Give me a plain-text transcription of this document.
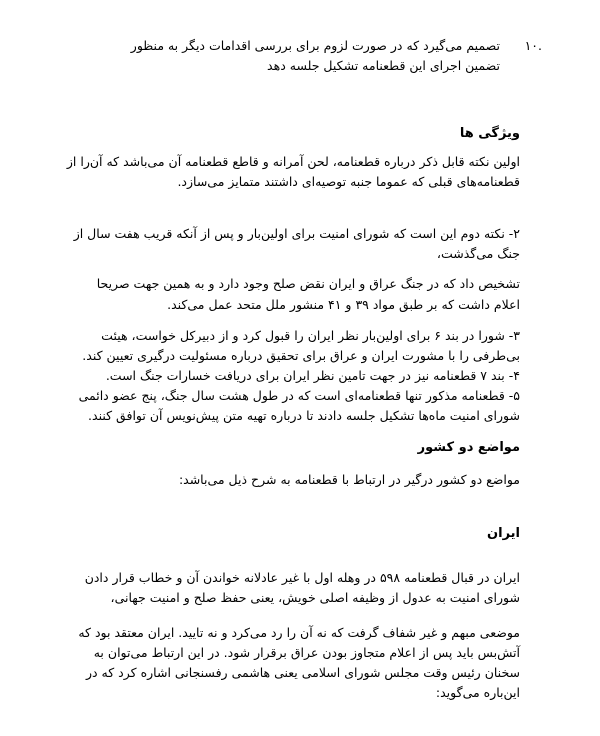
.۱۰
تصمیم می‌گیرد که در صورت لزوم برای بررسی اقدامات دیگر به منظور
تضمین اجرای این قطعنامه تشکیل جلسه دهد
ویژگی ها
اولین نکته قابل ذکر درباره قطعنامه، لحن آمرانه و قاطع قطعنامه آن می‌باشد که آن‌را از
قطعنامه‌های قبلی که عموما جنبه توصیه‌ای داشتند متمایز می‌سازد.
۲- نکته دوم این است که شورای امنیت برای اولین‌بار و پس از آنکه قریب هفت سال از
جنگ می‌گذشت،
تشخیص داد که در جنگ عراق و ایران نقض صلح وجود دارد و به همین جهت صریحا
اعلام داشت که بر طبق مواد ۳۹ و ۴۱ منشور ملل متحد عمل می‌کند.
۳- شورا در بند ۶ برای اولین‌بار نظر ایران را قبول کرد و از دبیرکل خواست، هیئت
بی‌طرفی را با مشورت ایران و عراق برای تحقیق درباره مسئولیت درگیری تعیین کند.
۴- بند ۷ قطعنامه نیز در جهت تامین نظر ایران برای دریافت خسارات جنگ است.
۵- قطعنامه مذکور تنها قطعنامه‌ای است که در طول هشت سال جنگ، پنج عضو دائمی
شورای امنیت ماه‌ها تشکیل جلسه دادند تا درباره تهیه متن پیش‌نویس آن توافق کنند.
مواضع دو کشور
مواضع دو کشور درگیر در ارتباط با قطعنامه به شرح ذیل می‌باشد:
ایران
ایران در قبال قطعنامه ۵۹۸ در وهله اول با غیر عادلانه خواندن آن و خطاب قرار دادن
شورای امنیت به عدول از وظیفه اصلی خویش، یعنی حفظ صلح و امنیت جهانی،
موضعی مبهم و غیر شفاف گرفت که نه آن را رد می‌کرد و نه تایید. ایران معتقد بود که
آتش‌بس باید پس از اعلام متجاوز بودن عراق برقرار شود. در این ارتباط می‌توان به
سخنان رئیس وقت مجلس شورای اسلامی یعنی هاشمی رفسنجانی اشاره کرد که در
این‌باره می‌گوید:
